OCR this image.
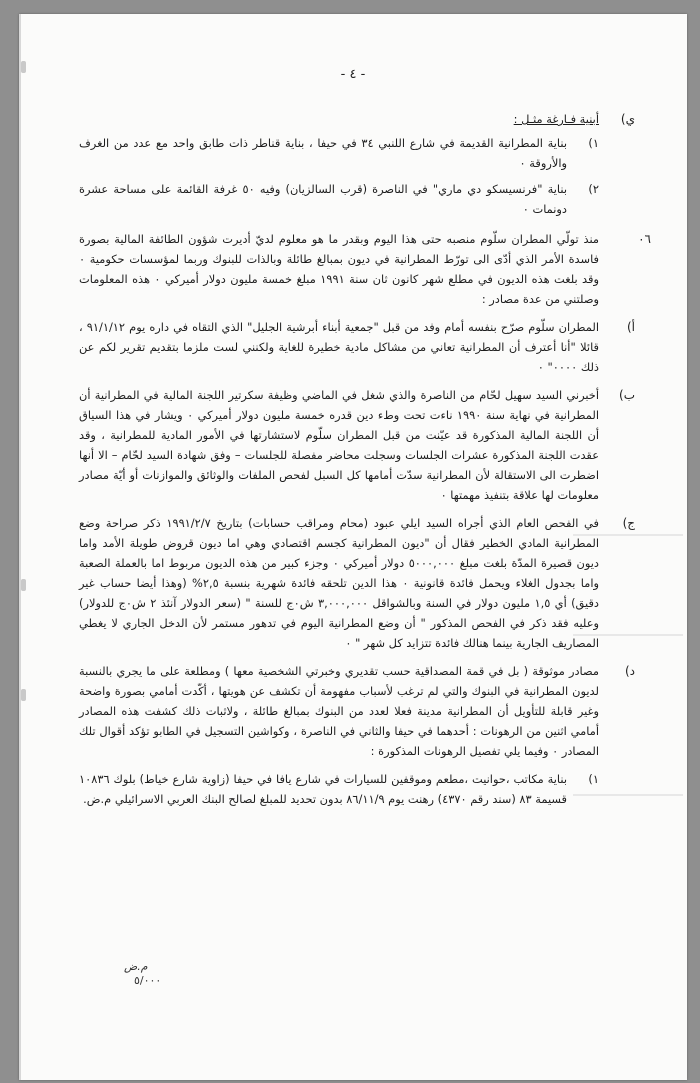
- ٤ -
ي)
أبنية فـارغة مثـل :
١)

بناية المطرانية القديمة في شارع اللنبي ٣٤ في حيفا ، بناية قناطر ذات طابق واحد مع عدد من الغرف والأروقة ٠

٢)

بناية "فرنسيسكو دي ماري" في الناصرة (قرب السالزيان) وفيه ٥٠ غرفة القائمة على مساحة عشرة دونمات ٠

٠٦

منذ تولّي المطران سلّوم منصبه حتى هذا اليوم وبقدر ما هو معلوم لديّ أديرت شؤون الطائفة المالية بصورة فاسدة الأمر الذي أدّى الى تورّط المطرانية في ديون بمبالغ طائلة وبالذات للبنوك وربما لمؤسسات حكومية ٠ وقد بلغت هذه الديون في مطلع شهر كانون ثان سنة ١٩٩١ مبلغ خمسة مليون دولار أميركي ٠ هذه المعلومات وصلتني من عدة مصادر :

أ)

المطران سلّوم صرّح بنفسه أمام وفد من قبل "جمعية أبناء أبرشية الجليل" الذي التقاه في داره يوم ٩١/١/١٢ ، قائلا "أنا أعترف أن المطرانية تعاني من مشاكل مادية خطيرة للغاية ولكنني لست ملزما بتقديم تقرير لكم عن ذلك ٠٠٠٠" ٠

ب)

أخبرني السيد سهيل لحّام من الناصرة والذي شغل في الماضي وظيفة سكرتير اللجنة المالية في المطرانية أن المطرانية في نهاية سنة ١٩٩٠ ناءت تحت وطء دين قدره خمسة مليون دولار أميركي ٠ ويشار في هذا السياق أن اللجنة المالية المذكورة قد عيّنت من قبل المطران سلّوم لاستشارتها في الأمور المادية للمطرانية ، وقد عقدت اللجنة المذكورة عشرات الجلسات وسجلت محاضر مفصلة للجلسات – وفق شهادة السيد لحّام – الا أنها اضطرت الى الاستقالة لأن المطرانية سدّت أمامها كل السبل لفحص الملفات والوثائق والموازنات أو أيّة مصادر معلومات لها علاقة بتنفيذ مهمتها ٠

ج)

في الفحص العام الذي أجراه السيد ايلي عبود (محام ومراقب حسابات) بتاريخ ١٩٩١/٢/٧ ذكر صراحة وضع المطرانية المادي الخطير فقال أن "ديون المطرانية كجسم اقتصادي وهي اما ديون قروض طويلة الأمد واما ديون قصيرة المدّة بلغت مبلغ ٥٠٠٠,٠٠٠ دولار أميركي ٠ وجزء كبير من هذه الديون مربوط اما بالعملة الصعبة واما بجدول الغلاء ويحمل فائدة قانونية ٠ هذا الدين تلحقه فائدة شهرية بنسبة ٢,٥% (وهذا أيضا حساب غير دقيق) أي ١,٥ مليون دولار في السنة وبالشواقل ٣,٠٠٠,٠٠٠ ش٠ج للسنة " (سعر الدولار آنئذ ٢ ش٠ج للدولار) وعليه فقد ذكر في الفحص المذكور " أن وضع المطرانية اليوم في تدهور مستمر لأن الدخل الجاري لا يغطي المصاريف الجارية بينما هنالك فائدة تتزايد كل شهر " ٠

د)

مصادر موثوقة ( بل في قمة المصداقية حسب تقديري وخبرتي الشخصية معها ) ومطلعة على ما يجري بالنسبة لديون المطرانية في البنوك والتي لم ترغب لأسباب مفهومة أن تكشف عن هويتها ، أكّدت أمامي بصورة واضحة وغير قابلة للتأويل أن المطرانية مدينة فعلا لعدد من البنوك بمبالغ طائلة ، ولاثبات ذلك كشفت هذه المصادر أمامي اثنين من الرهونات : أحدهما في حيفا والثاني في الناصرة ، وكواشين التسجيل في الطابو تؤكد أقوال تلك المصادر ٠ وفيما يلي تفصيل الرهونات المذكورة :

١)

بناية مكاتب ،حوانيت ،مطعم وموقفين للسيارات في شارع يافا في حيفا (زاوية شارع خياط) بلوك ١٠٨٣٦ قسيمة ٨٣ (سند رقم ٤٣٧٠) رهنت يوم ٨٦/١١/٩ بدون تحديد للمبلغ لصالح البنك العربي الاسرائيلي م.ض.

م.ض
٥/٠٠٠
